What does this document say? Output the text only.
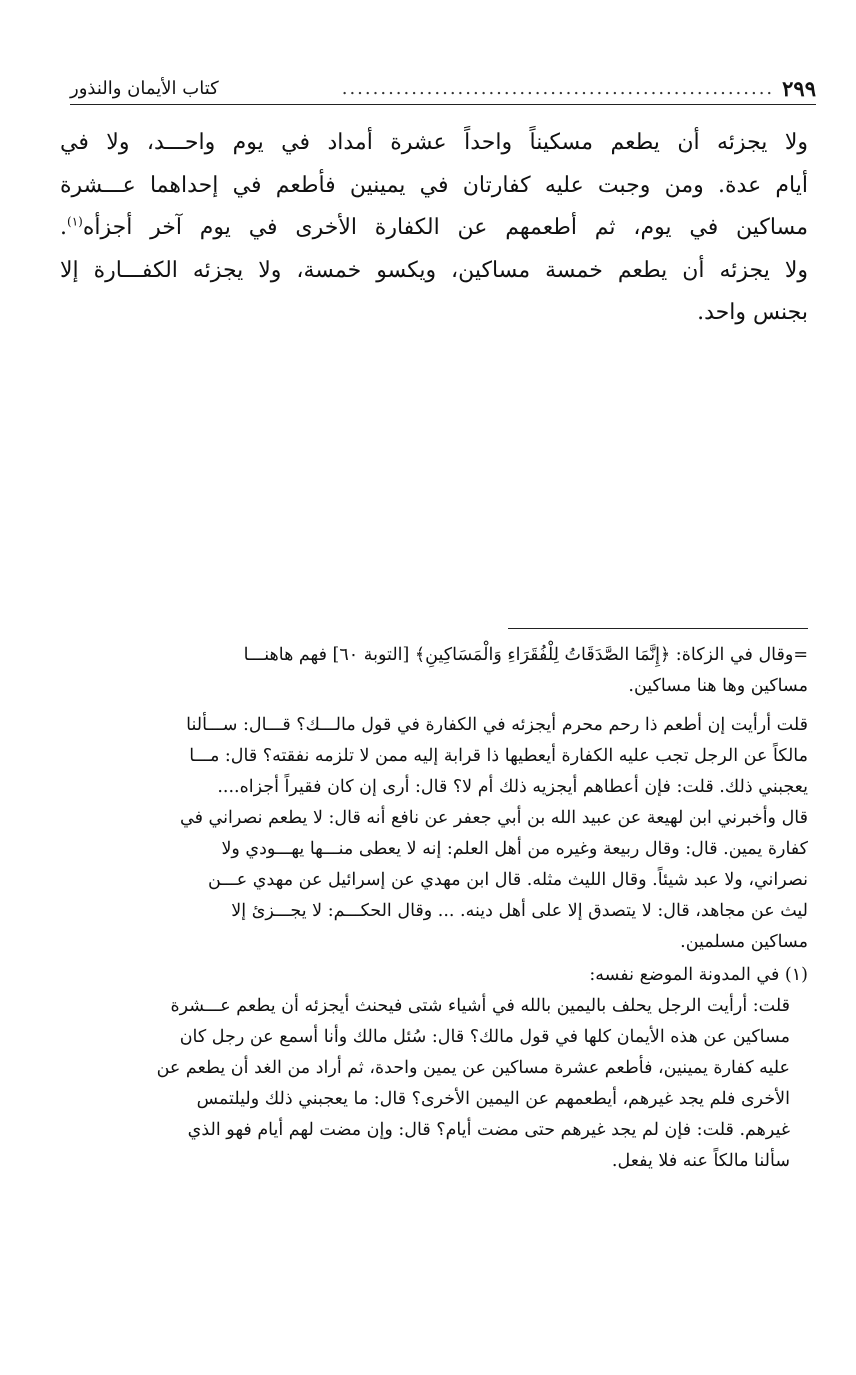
٢٩٩
........................................................
كتاب الأيمان والنذور

ولا يجزئه أن يطعم مسكيناً واحداً عشرة أمداد في يوم واحـــد، ولا في

أيام عدة. ومن وجبت عليه كفارتان في يمينين فأطعم في إحداهما عـــشرة

مساكين في يوم، ثم أطعمهم عن الكفارة الأخرى في يوم آخر أجزأه$^{(١)}$.

ولا يجزئه أن يطعم خمسة مساكين، ويكسو خمسة، ولا يجزئه الكفـــارة إلا

بجنس واحد.

=وقال في الزكاة: ﴿إِنَّمَا الصَّدَقَاتُ لِلْفُقَرَاءِ وَالْمَسَاكِينِ﴾ [التوبة ٦٠] فهم هاهنـــا

مساكين وها هنا مساكين.

قلت أرأيت إن أطعم ذا رحم محرم أيجزئه في الكفارة في قول مالـــك؟ قـــال: ســـألنا

مالكاً عن الرجل تجب عليه الكفارة أيعطيها ذا قرابة إليه ممن لا تلزمه نفقته؟ قال: مـــا

يعجبني ذلك. قلت: فإن أعطاهم أيجزيه ذلك أم لا؟ قال: أرى إن كان فقيراً أجزاه....

قال وأخبرني ابن لهيعة عن عبيد الله بن أبي جعفر عن نافع أنه قال: لا يطعم نصراني في

كفارة يمين. قال: وقال ربيعة وغيره من أهل العلم: إنه لا يعطى منـــها يهـــودي ولا

نصراني، ولا عبد شيئاً. وقال الليث مثله. قال ابن مهدي عن إسرائيل عن مهدي عـــن

ليث عن مجاهد، قال: لا يتصدق إلا على أهل دينه. ... وقال الحكـــم: لا يجـــزئ إلا

مساكين مسلمين.

(١) في المدونة الموضع نفسه:

قلت: أرأيت الرجل يحلف باليمين بالله في أشياء شتى فيحنث أيجزئه أن يطعم عـــشرة

مساكين عن هذه الأيمان كلها في قول مالك؟ قال: سُئل مالك وأنا أسمع عن رجل كان

عليه كفارة يمينين، فأطعم عشرة مساكين عن يمين واحدة، ثم أراد من الغد أن يطعم عن

الأخرى فلم يجد غيرهم، أيطعمهم عن اليمين الأخرى؟ قال: ما يعجبني ذلك وليلتمس

غيرهم. قلت: فإن لم يجد غيرهم حتى مضت أيام؟ قال: وإن مضت لهم أيام فهو الذي

سألنا مالكاً عنه فلا يفعل.
